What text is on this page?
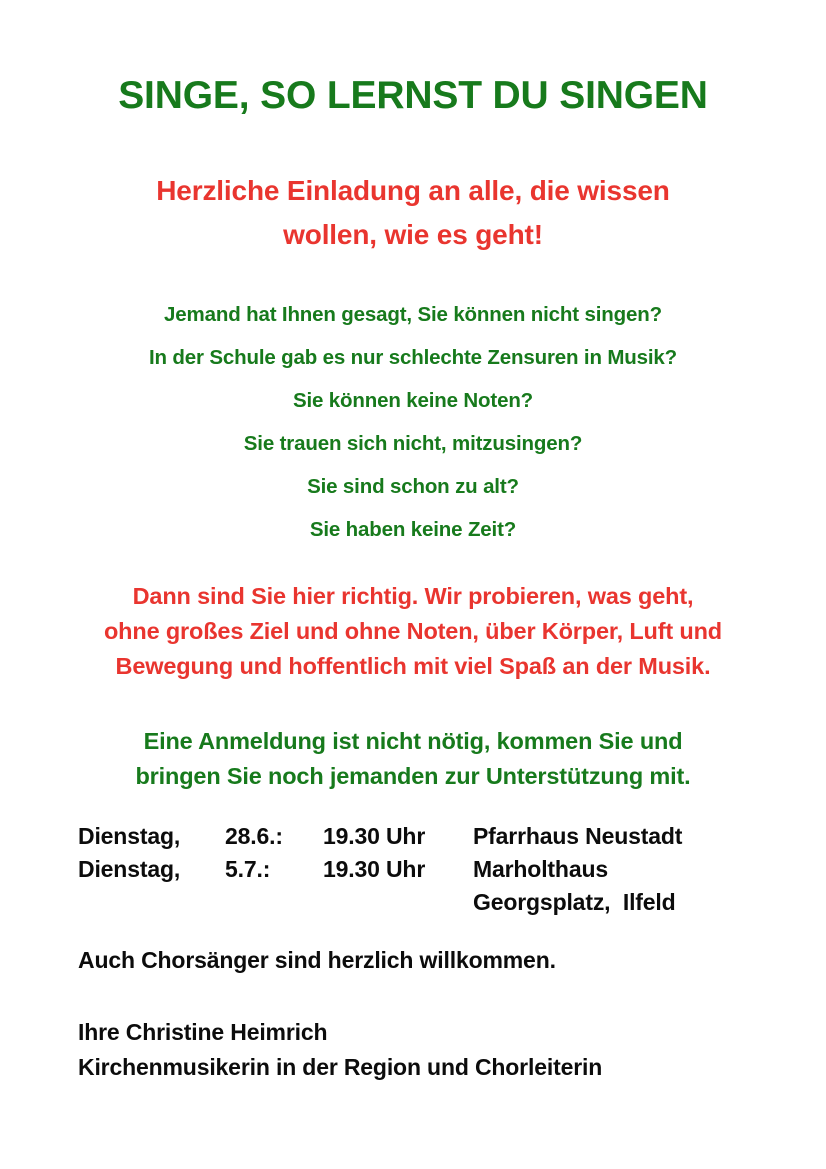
SINGE, SO LERNST DU SINGEN
Herzliche Einladung an alle, die wissen
wollen, wie es geht!
Jemand hat Ihnen gesagt, Sie können nicht singen?
In der Schule gab es nur schlechte Zensuren in Musik?
Sie können keine Noten?
Sie trauen sich nicht, mitzusingen?
Sie sind schon zu alt?
Sie haben keine Zeit?
Dann sind Sie hier richtig. Wir probieren, was geht,
ohne großes Ziel und ohne Noten, über Körper, Luft und
Bewegung und hoffentlich mit viel Spaß an der Musik.
Eine Anmeldung ist nicht nötig, kommen Sie und
bringen Sie noch jemanden zur Unterstützung mit.
Dienstag,	28.6.:	19.30 Uhr	Pfarrhaus Neustadt
Dienstag,	5.7.:	19.30 Uhr	Marholthaus
Georgsplatz,  Ilfeld
Auch Chorsänger sind herzlich willkommen.
Ihre Christine Heimrich
Kirchenmusikerin in der Region und Chorleiterin
